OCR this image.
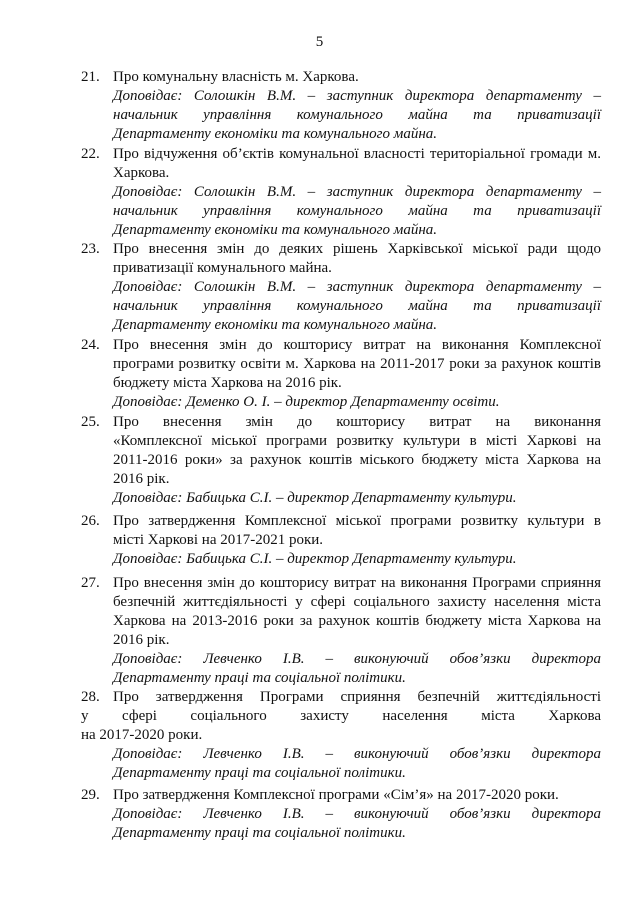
5
21. Про комунальну власність м. Харкова.
Доповідає: Солошкін В.М. – заступник директора департаменту –
начальник управління комунального майна та приватизації
Департаменту економіки та комунального майна.
22. Про відчуження об’єктів комунальної власності територіальної громади м.
Харкова.
Доповідає: Солошкін В.М. – заступник директора департаменту –
начальник управління комунального майна та приватизації
Департаменту економіки та комунального майна.
23. Про внесення змін до деяких рішень Харківської міської ради щодо
приватизації комунального майна.
Доповідає: Солошкін В.М. – заступник директора департаменту –
начальник управління комунального майна та приватизації
Департаменту економіки та комунального майна.
24. Про внесення змін до кошторису витрат на виконання Комплексної
програми розвитку освіти м. Харкова на 2011-2017 роки за рахунок коштів
бюджету міста Харкова на 2016 рік.
Доповідає: Деменко О. І. – директор Департаменту освіти.
25. Про внесення змін до кошторису витрат на виконання
«Комплексної міської програми розвитку культури в місті Харкові на
2011-2016 роки» за рахунок коштів міського бюджету міста Харкова на
2016 рік.
Доповідає: Бабицька С.І. – директор Департаменту культури.
26. Про затвердження Комплексної міської програми розвитку культури в
місті Харкові на 2017-2021 роки.
Доповідає: Бабицька С.І. – директор Департаменту культури.
27. Про внесення змін до кошторису витрат на виконання Програми сприяння
безпечній життєдіяльності у сфері соціального захисту населення міста
Харкова на 2013-2016 роки за рахунок коштів бюджету міста Харкова на
2016 рік.
Доповідає: Левченко І.В. – виконуючий обов’язки директора
Департаменту праці та соціальної політики.
28. Про затвердження Програми сприяння безпечній життєдіяльності
у сфері соціального захисту населення міста Харкова
на 2017-2020 роки.
Доповідає: Левченко І.В. – виконуючий обов’язки директора
Департаменту праці та соціальної політики.
29. Про затвердження Комплексної програми «Сім’я» на 2017-2020 роки.
Доповідає: Левченко І.В. – виконуючий обов’язки директора
Департаменту праці та соціальної політики.
